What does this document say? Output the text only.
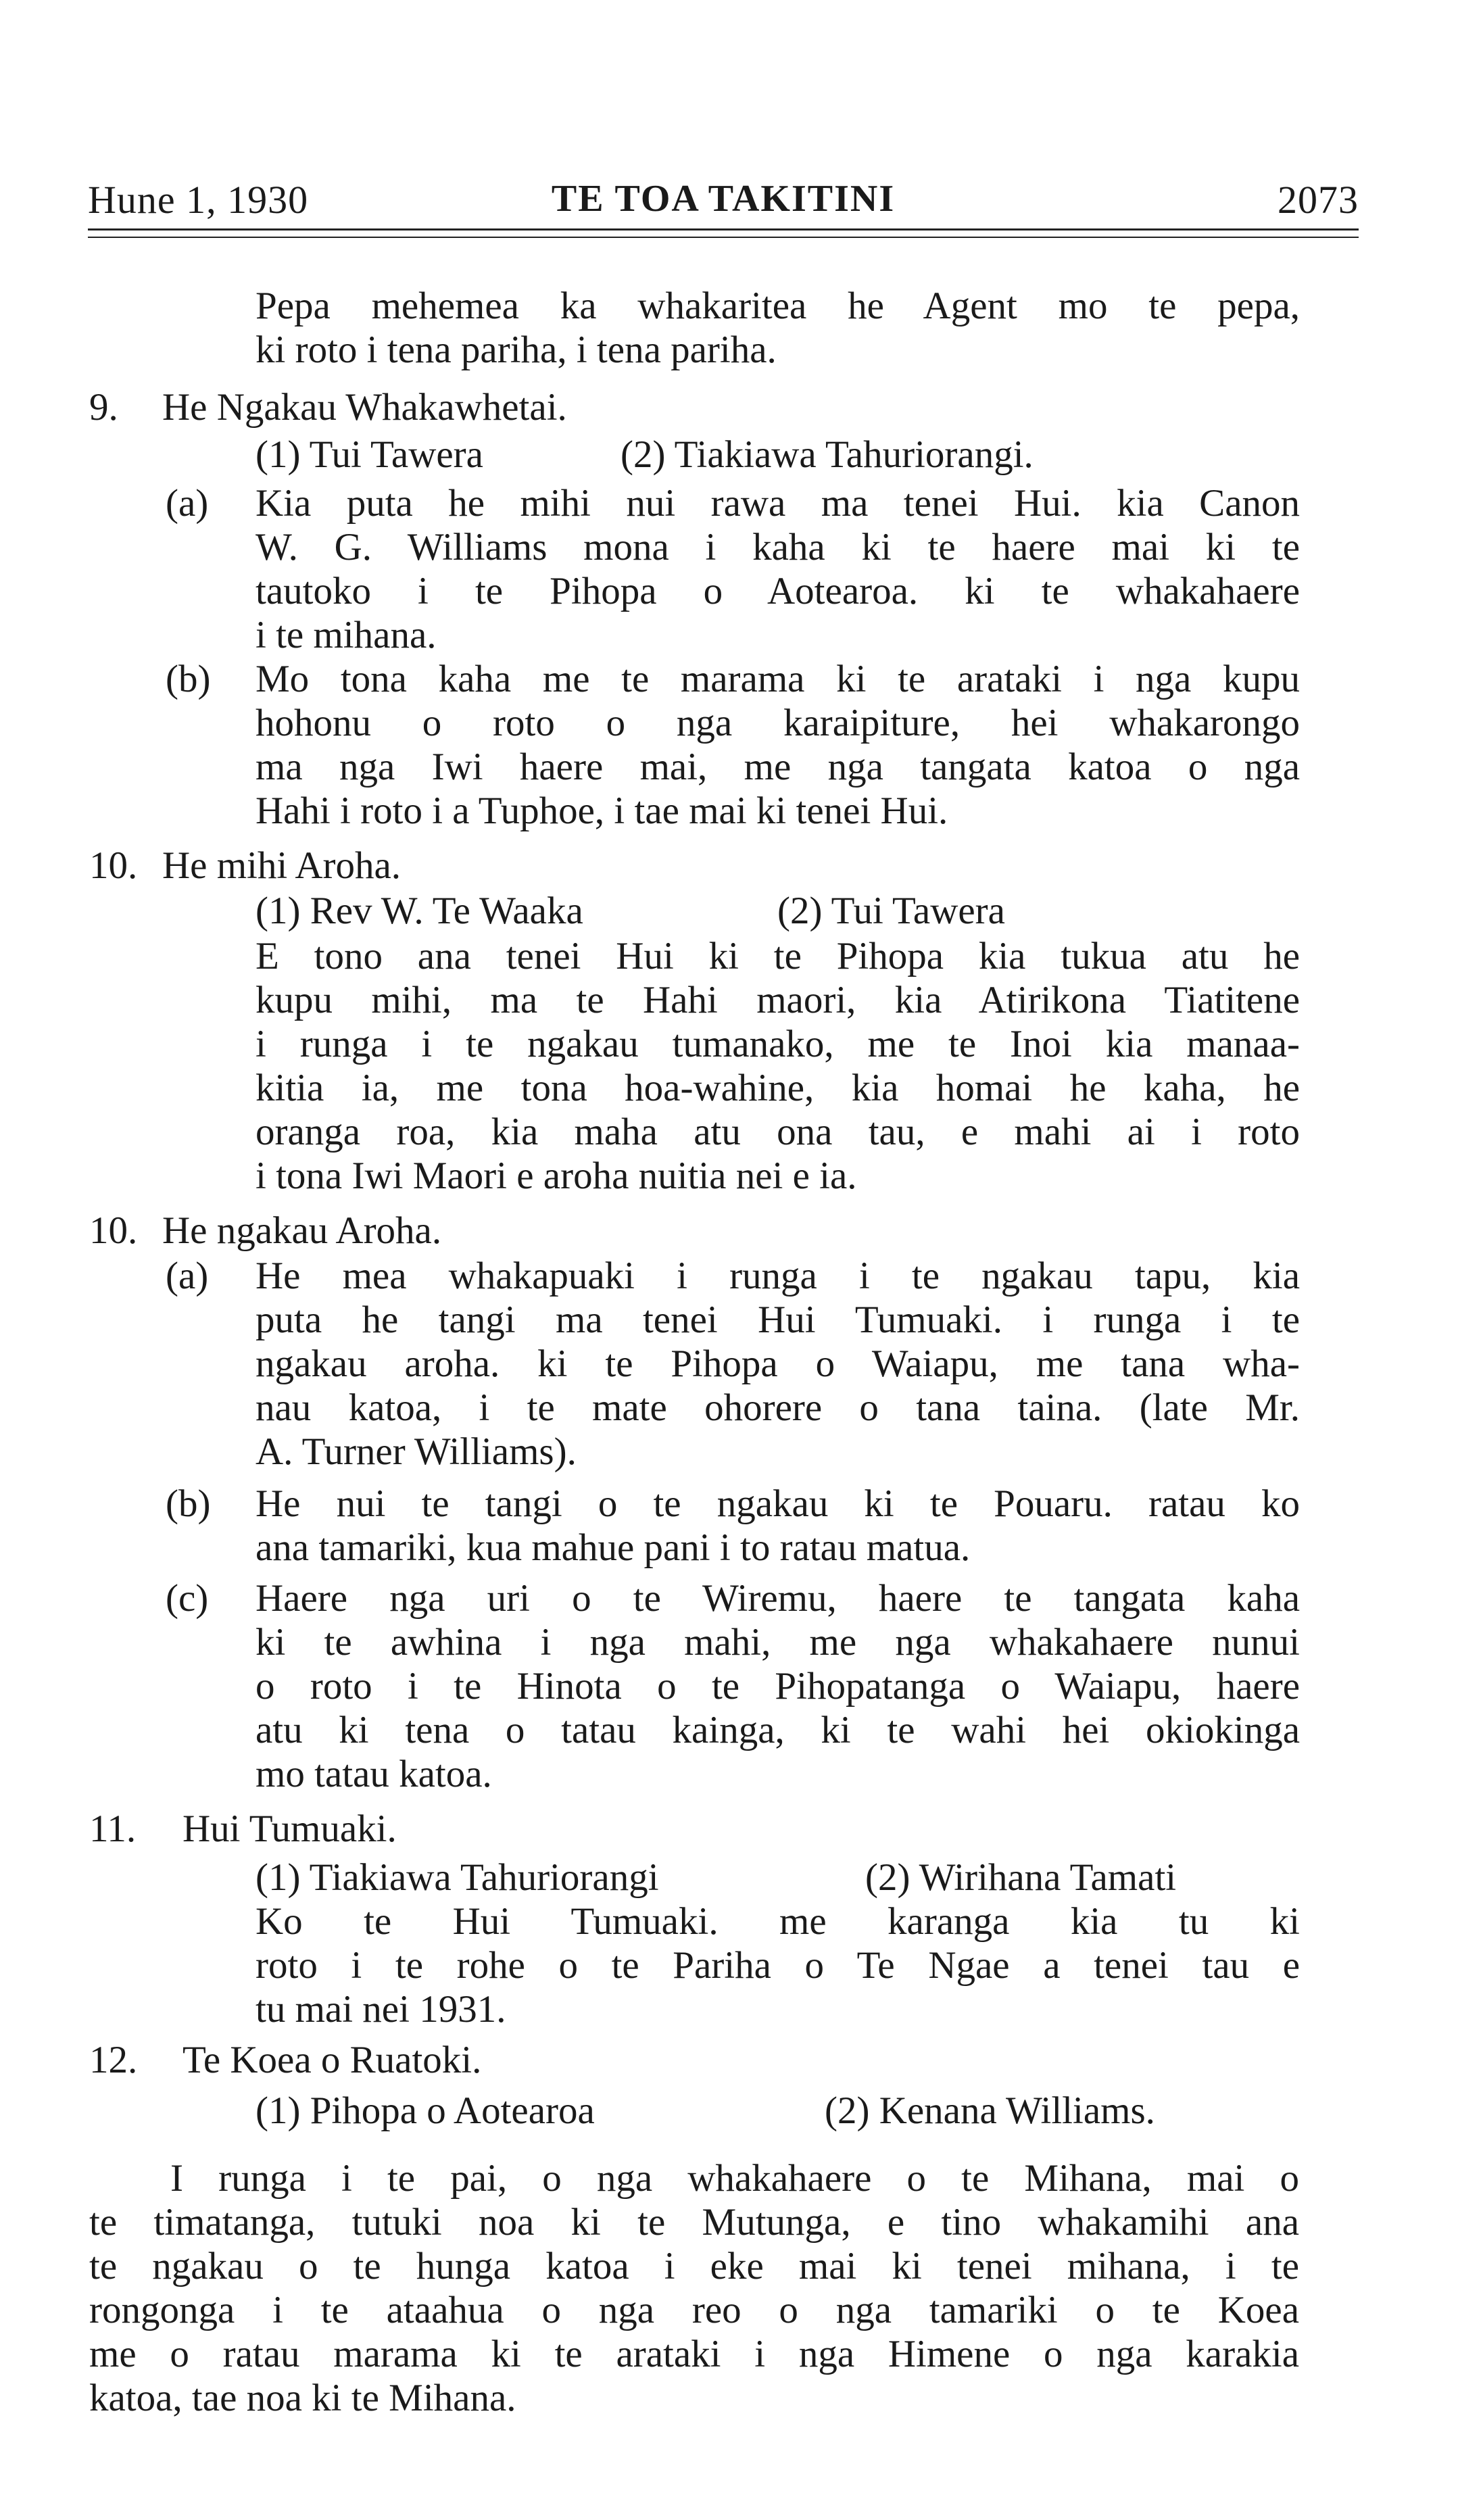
Hune 1, 1930	TE TOA TAKITINI	2073
Pepa mehemea ka whakaritea he Agent mo te pepa,
ki roto i tena pariha, i tena pariha.
9. He Ngakau Whakawhetai.
(1) Tui Tawera	(2) Tiakiawa Tahuriorangi.
(a) Kia puta he mihi nui rawa ma tenei Hui. kia Canon
W. G. Williams mona i kaha ki te haere mai ki te
tautoko i te Pihopa o Aotearoa. ki te whakahaere
i te mihana.
(b) Mo tona kaha me te marama ki te arataki i nga kupu
hohonu o roto o nga karaipiture, hei whakarongo
ma nga Iwi haere mai, me nga tangata katoa o nga
Hahi i roto i a Tuphoe, i tae mai ki tenei Hui.
10. He mihi Aroha.
(1) Rev W. Te Waaka	(2) Tui Tawera
E tono ana tenei Hui ki te Pihopa kia tukua atu he
kupu mihi, ma te Hahi maori, kia Atirikona Tiatitene
i runga i te ngakau tumanako, me te Inoi kia manaa-
kitia ia, me tona hoa-wahine, kia homai he kaha, he
oranga roa, kia maha atu ona tau, e mahi ai i roto
i tona Iwi Maori e aroha nuitia nei e ia.
10. He ngakau Aroha.
(a) He mea whakapuaki i runga i te ngakau tapu, kia
puta he tangi ma tenei Hui Tumuaki. i runga i te
ngakau aroha. ki te Pihopa o Waiapu, me tana wha-
nau katoa, i te mate ohorere o tana taina. (late Mr.
A. Turner Williams).
(b) He nui te tangi o te ngakau ki te Pouaru. ratau ko
ana tamariki, kua mahue pani i to ratau matua.
(c) Haere nga uri o te Wiremu, haere te tangata kaha
ki te awhina i nga mahi, me nga whakahaere nunui
o roto i te Hinota o te Pihopatanga o Waiapu, haere
atu ki tena o tatau kainga, ki te wahi hei okiokinga
mo tatau katoa.
11. Hui Tumuaki.
(1) Tiakiawa Tahuriorangi	(2) Wirihana Tamati
Ko te Hui Tumuaki. me karanga kia tu ki
roto i te rohe o te Pariha o Te Ngae a tenei tau e
tu mai nei 1931.
12. Te Koea o Ruatoki.
(1) Pihopa o Aotearoa	(2) Kenana Williams.
I runga i te pai, o nga whakahaere o te Mihana, mai o
te timatanga, tutuki noa ki te Mutunga, e tino whakamihi ana
te ngakau o te hunga katoa i eke mai ki tenei mihana, i te
rongonga i te ataahua o nga reo o nga tamariki o te Koea
me o ratau marama ki te arataki i nga Himene o nga karakia
katoa, tae noa ki te Mihana.
